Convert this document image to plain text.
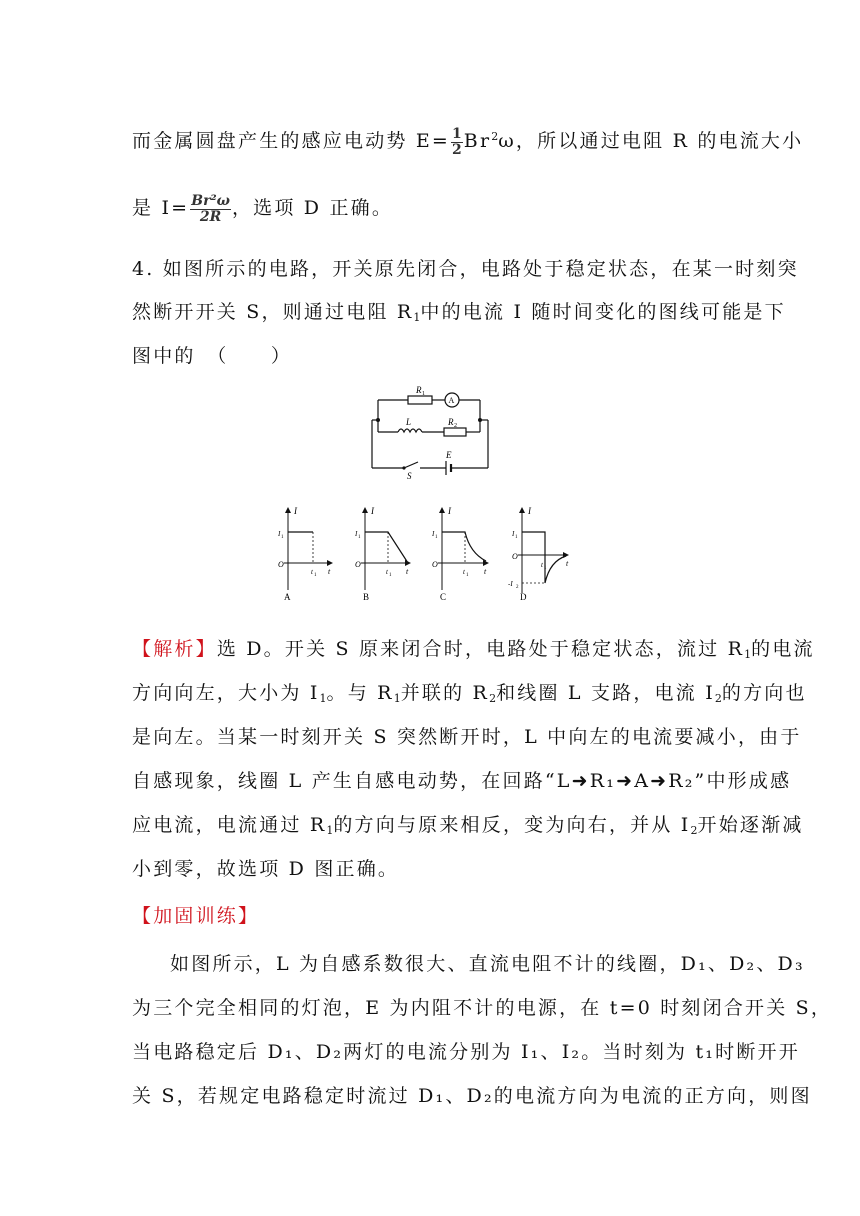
而金属圆盘产生的感应电动势 $E= \frac{1}{2} Br^2\omega$，所以通过电阻 R 的电流大小
是 $I= \frac{\text{Br²ω}}{2R}$ ，选项 D 正确。
4. 如图所示的电路，开关原先闭合，电路处于稳定状态，在某一时刻突
然断开开关 S，则通过电阻 $R_1$中的电流 I 随时间变化的图线可能是下
图中的　（　　）
R 1
A
L	R 2
E
S
I
I 1
O
t 1 t
A
I
I 1
O
t 1 t
B
I
I 1
O
t 1 t
C
I
I 1
O
t 1
t
-I 2
D
【解析】选 D。开关 S 原来闭合时，电路处于稳定状态，流过 $R_1$的电流
方向向左，大小为 $I_1$。与 $R_1$并联的 $R_2$和线圈 L 支路，电流 $I_2$的方向也
是向左。当某一时刻开关 S 突然断开时，L 中向左的电流要减小，由于
自感现象，线圈 L 产生自感电动势，在回路“L➜R₁➜A➜R₂”中形成感
应电流，电流通过 $R_1$的方向与原来相反，变为向右，并从 $I_2$开始逐渐减
小到零，故选项 D 图正确。
【加固训练】
如图所示，L 为自感系数很大、直流电阻不计的线圈，D₁、D₂、D₃
为三个完全相同的灯泡，E 为内阻不计的电源，在 t=0 时刻闭合开关 S，
当电路稳定后 D₁、D₂两灯的电流分别为 I₁、I₂。当时刻为 t₁时断开开
关 S，若规定电路稳定时流过 D₁、D₂的电流方向为电流的正方向，则图
